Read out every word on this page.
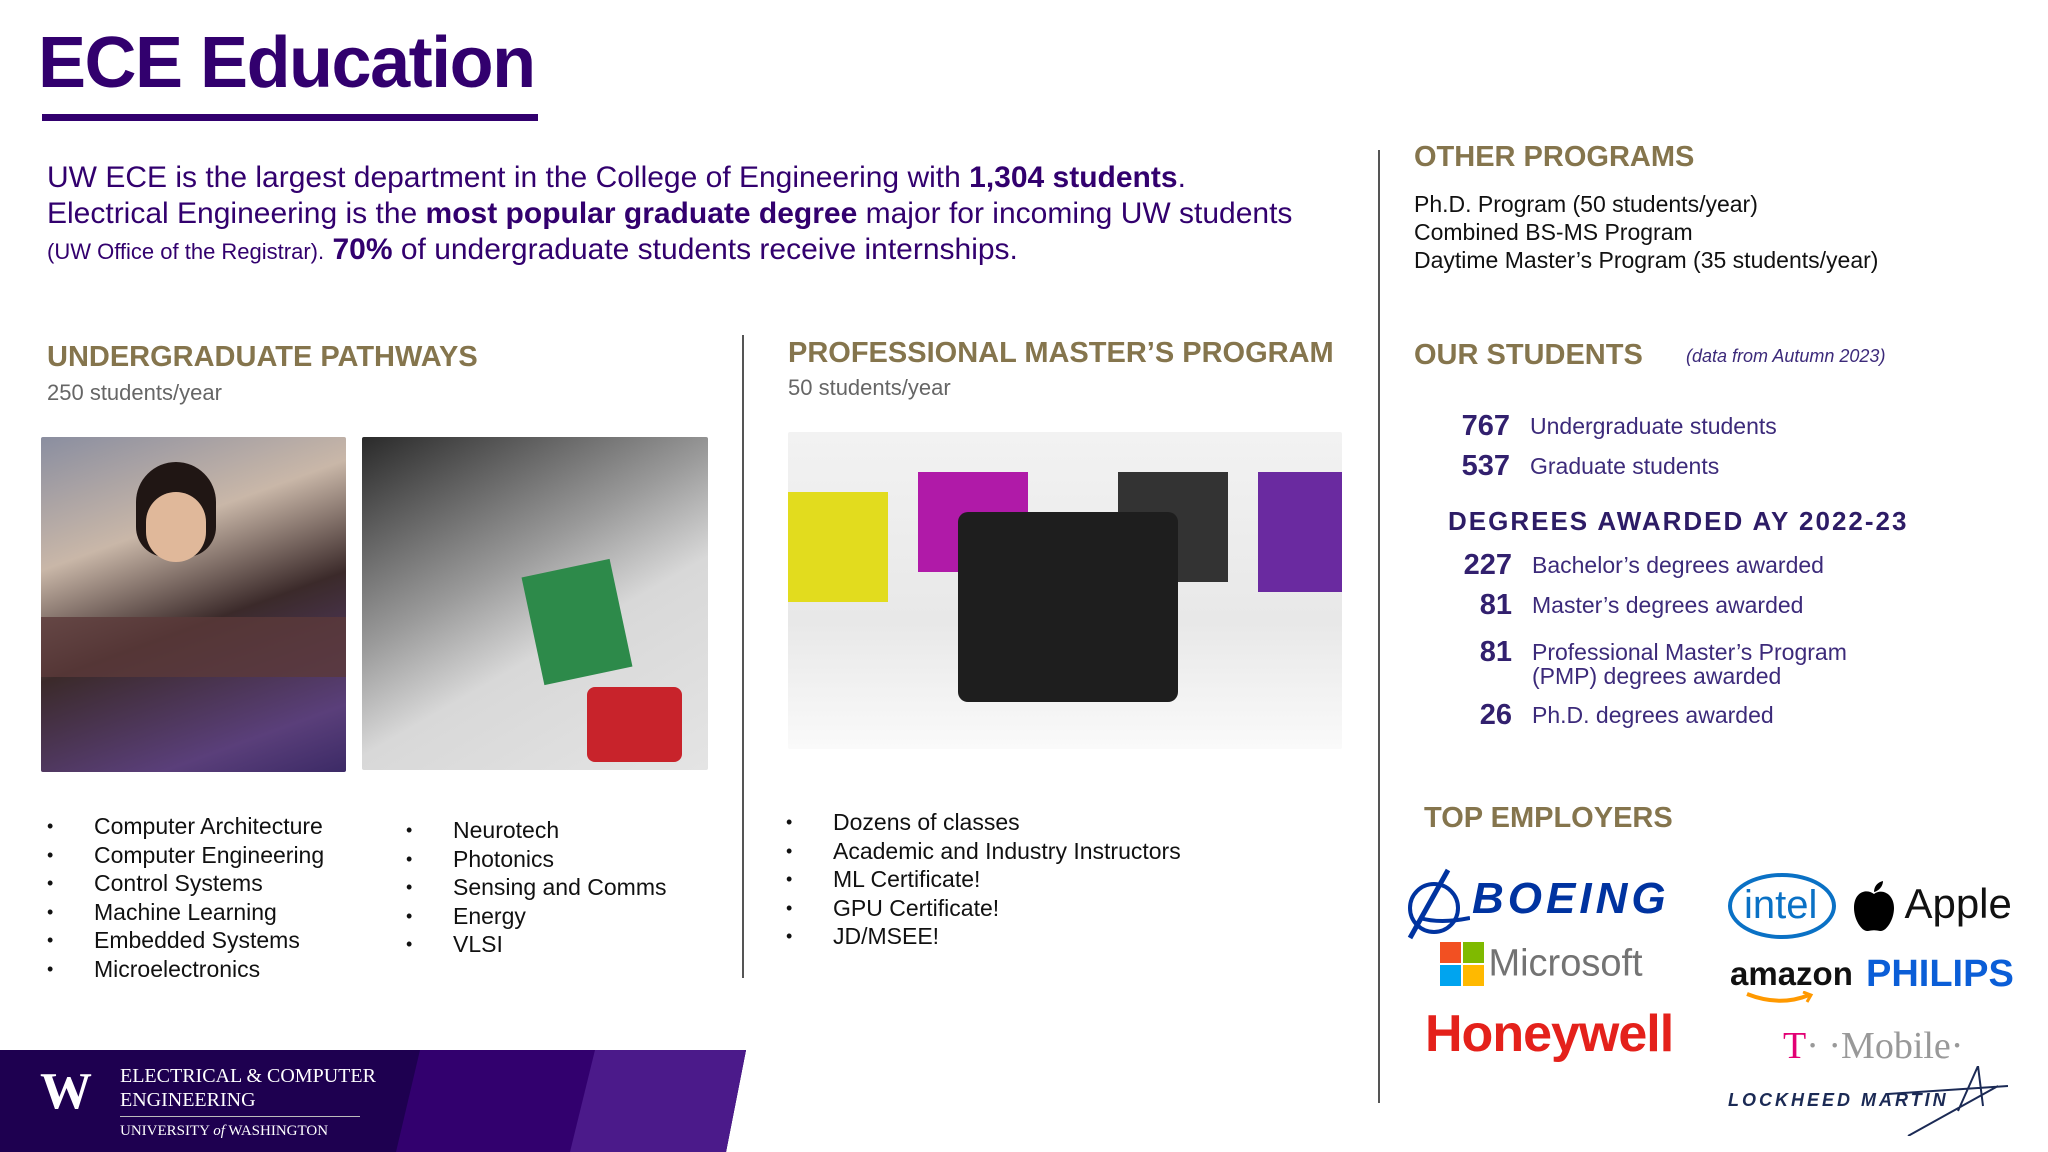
ECE Education
UW ECE is the largest department in the College of Engineering with 1,304 students. Electrical Engineering is the most popular graduate degree major for incoming UW students (UW Office of the Registrar). 70% of undergraduate students receive internships.
UNDERGRADUATE PATHWAYS
250 students/year
• Computer Architecture
• Computer Engineering
• Control Systems
• Machine Learning
• Embedded Systems
• Microelectronics
• Neurotech
• Photonics
• Sensing and Comms
• Energy
• VLSI
PROFESSIONAL MASTER’S PROGRAM
50 students/year
• Dozens of classes
• Academic and Industry Instructors
• ML Certificate!
• GPU Certificate!
• JD/MSEE!
OTHER PROGRAMS
Ph.D. Program (50 students/year)
Combined BS-MS Program
Daytime Master’s Program (35 students/year)
OUR STUDENTS (data from Autumn 2023)
767 Undergraduate students
537 Graduate students
DEGREES AWARDED AY 2022-23
227 Bachelor’s degrees awarded
81 Master’s degrees awarded
81 Professional Master’s Program
(PMP) degrees awarded
26 Ph.D. degrees awarded
TOP EMPLOYERS
BOEING intel	Apple
Microsoft	amazon PHILIPS
Honeywell	T· ·Mobile·
LOCKHEED MARTIN
W ELECTRICAL & COMPUTER
ENGINEERING
UNIVERSITY of WASHINGTON
